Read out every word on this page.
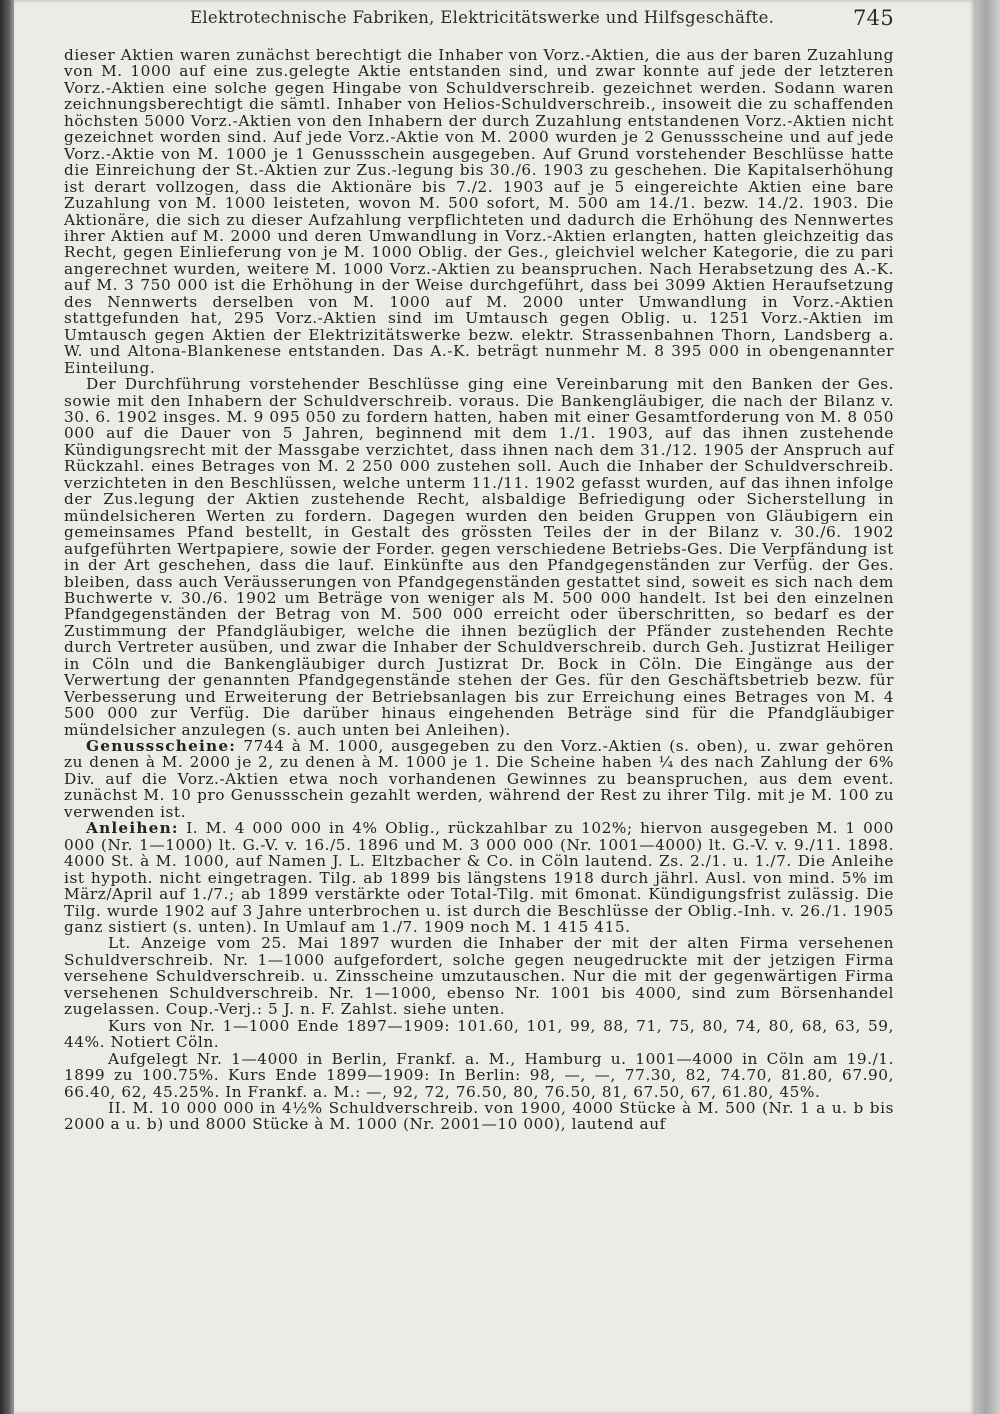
Elektrotechnische Fabriken, Elektricitätswerke und Hilfsgeschäfte.	745

dieser Aktien waren zunächst berechtigt die Inhaber von Vorz.-Aktien, die aus der baren Zuzahlung von M. 1000 auf eine zus.gelegte Aktie entstanden sind, und zwar konnte auf jede der letzteren Vorz.-Aktien eine solche gegen Hingabe von Schuldverschreib. gezeichnet werden. Sodann waren zeichnungsberechtigt die sämtl. Inhaber von Helios-Schuldverschreib., insoweit die zu schaffenden höchsten 5000 Vorz.-Aktien von den Inhabern der durch Zuzahlung entstandenen Vorz.-Aktien nicht gezeichnet worden sind. Auf jede Vorz.-Aktie von M. 2000 wurden je 2 Genussscheine und auf jede Vorz.-Aktie von M. 1000 je 1 Genussschein ausgegeben. Auf Grund vorstehender Beschlüsse hatte die Einreichung der St.-Aktien zur Zus.-legung bis 30./6. 1903 zu geschehen. Die Kapitalserhöhung ist derart vollzogen, dass die Aktionäre bis 7./2. 1903 auf je 5 eingereichte Aktien eine bare Zuzahlung von M. 1000 leisteten, wovon M. 500 sofort, M. 500 am 14./1. bezw. 14./2. 1903. Die Aktionäre, die sich zu dieser Aufzahlung verpflichteten und dadurch die Erhöhung des Nennwertes ihrer Aktien auf M. 2000 und deren Umwandlung in Vorz.-Aktien erlangten, hatten gleichzeitig das Recht, gegen Einlieferung von je M. 1000 Oblig. der Ges., gleichviel welcher Kategorie, die zu pari angerechnet wurden, weitere M. 1000 Vorz.-Aktien zu beanspruchen. Nach Herabsetzung des A.-K. auf M. 3 750 000 ist die Erhöhung in der Weise durchgeführt, dass bei 3099 Aktien Heraufsetzung des Nennwerts derselben von M. 1000 auf M. 2000 unter Umwandlung in Vorz.-Aktien stattgefunden hat, 295 Vorz.-Aktien sind im Umtausch gegen Oblig. u. 1251 Vorz.-Aktien im Umtausch gegen Aktien der Elektrizitätswerke bezw. elektr. Strassenbahnen Thorn, Landsberg a. W. und Altona-Blankenese entstanden. Das A.-K. beträgt nunmehr M. 8 395 000 in obengenannter Einteilung.

Der Durchführung vorstehender Beschlüsse ging eine Vereinbarung mit den Banken der Ges. sowie mit den Inhabern der Schuldverschreib. voraus. Die Bankengläubiger, die nach der Bilanz v. 30. 6. 1902 insges. M. 9 095 050 zu fordern hatten, haben mit einer Gesamtforderung von M. 8 050 000 auf die Dauer von 5 Jahren, beginnend mit dem 1./1. 1903, auf das ihnen zustehende Kündigungsrecht mit der Massgabe verzichtet, dass ihnen nach dem 31./12. 1905 der Anspruch auf Rückzahl. eines Betrages von M. 2 250 000 zustehen soll. Auch die Inhaber der Schuldverschreib. verzichteten in den Beschlüssen, welche unterm 11./11. 1902 gefasst wurden, auf das ihnen infolge der Zus.legung der Aktien zustehende Recht, alsbaldige Befriedigung oder Sicherstellung in mündelsicheren Werten zu fordern. Dagegen wurden den beiden Gruppen von Gläubigern ein gemeinsames Pfand bestellt, in Gestalt des grössten Teiles der in der Bilanz v. 30./6. 1902 aufgeführten Wertpapiere, sowie der Forder. gegen verschiedene Betriebs-Ges. Die Verpfändung ist in der Art geschehen, dass die lauf. Einkünfte aus den Pfandgegenständen zur Verfüg. der Ges. bleiben, dass auch Veräusserungen von Pfandgegenständen gestattet sind, soweit es sich nach dem Buchwerte v. 30./6. 1902 um Beträge von weniger als M. 500 000 handelt. Ist bei den einzelnen Pfandgegenständen der Betrag von M. 500 000 erreicht oder überschritten, so bedarf es der Zustimmung der Pfandgläubiger, welche die ihnen bezüglich der Pfänder zustehenden Rechte durch Vertreter ausüben, und zwar die Inhaber der Schuldverschreib. durch Geh. Justizrat Heiliger in Cöln und die Bankengläubiger durch Justizrat Dr. Bock in Cöln. Die Eingänge aus der Verwertung der genannten Pfandgegenstände stehen der Ges. für den Geschäftsbetrieb bezw. für Verbesserung und Erweiterung der Betriebsanlagen bis zur Erreichung eines Betrages von M. 4 500 000 zur Verfüg. Die darüber hinaus eingehenden Beträge sind für die Pfandgläubiger mündelsicher anzulegen (s. auch unten bei Anleihen).

Genussscheine: 7744 à M. 1000, ausgegeben zu den Vorz.-Aktien (s. oben), u. zwar gehören zu denen à M. 2000 je 2, zu denen à M. 1000 je 1. Die Scheine haben ¼ des nach Zahlung der 6% Div. auf die Vorz.-Aktien etwa noch vorhandenen Gewinnes zu beanspruchen, aus dem event. zunächst M. 10 pro Genussschein gezahlt werden, während der Rest zu ihrer Tilg. mit je M. 100 zu verwenden ist.

Anleihen: I. M. 4 000 000 in 4% Oblig., rückzahlbar zu 102%; hiervon ausgegeben M. 1 000 000 (Nr. 1—1000) lt. G.-V. v. 16./5. 1896 und M. 3 000 000 (Nr. 1001—4000) lt. G.-V. v. 9./11. 1898. 4000 St. à M. 1000, auf Namen J. L. Eltzbacher & Co. in Cöln lautend. Zs. 2./1. u. 1./7. Die Anleihe ist hypoth. nicht eingetragen. Tilg. ab 1899 bis längstens 1918 durch jährl. Ausl. von mind. 5% im März/April auf 1./7.; ab 1899 verstärkte oder Total-Tilg. mit 6monat. Kündigungsfrist zulässig. Die Tilg. wurde 1902 auf 3 Jahre unterbrochen u. ist durch die Beschlüsse der Oblig.-Inh. v. 26./1. 1905 ganz sistiert (s. unten). In Umlauf am 1./7. 1909 noch M. 1 415 415.

Lt. Anzeige vom 25. Mai 1897 wurden die Inhaber der mit der alten Firma versehenen Schuldverschreib. Nr. 1—1000 aufgefordert, solche gegen neugedruckte mit der jetzigen Firma versehene Schuldverschreib. u. Zinsscheine umzutauschen. Nur die mit der gegenwärtigen Firma versehenen Schuldverschreib. Nr. 1—1000, ebenso Nr. 1001 bis 4000, sind zum Börsenhandel zugelassen. Coup.-Verj.: 5 J. n. F. Zahlst. siehe unten.

Kurs von Nr. 1—1000 Ende 1897—1909: 101.60, 101, 99, 88, 71, 75, 80, 74, 80, 68, 63, 59, 44%. Notiert Cöln.

Aufgelegt Nr. 1—4000 in Berlin, Frankf. a. M., Hamburg u. 1001—4000 in Cöln am 19./1. 1899 zu 100.75%. Kurs Ende 1899—1909: In Berlin: 98, —, —, 77.30, 82, 74.70, 81.80, 67.90, 66.40, 62, 45.25%. In Frankf. a. M.: —, 92, 72, 76.50, 80, 76.50, 81, 67.50, 67, 61.80, 45%.

II. M. 10 000 000 in 4½% Schuldverschreib. von 1900, 4000 Stücke à M. 500 (Nr. 1 a u. b bis 2000 a u. b) und 8000 Stücke à M. 1000 (Nr. 2001—10 000), lautend auf
